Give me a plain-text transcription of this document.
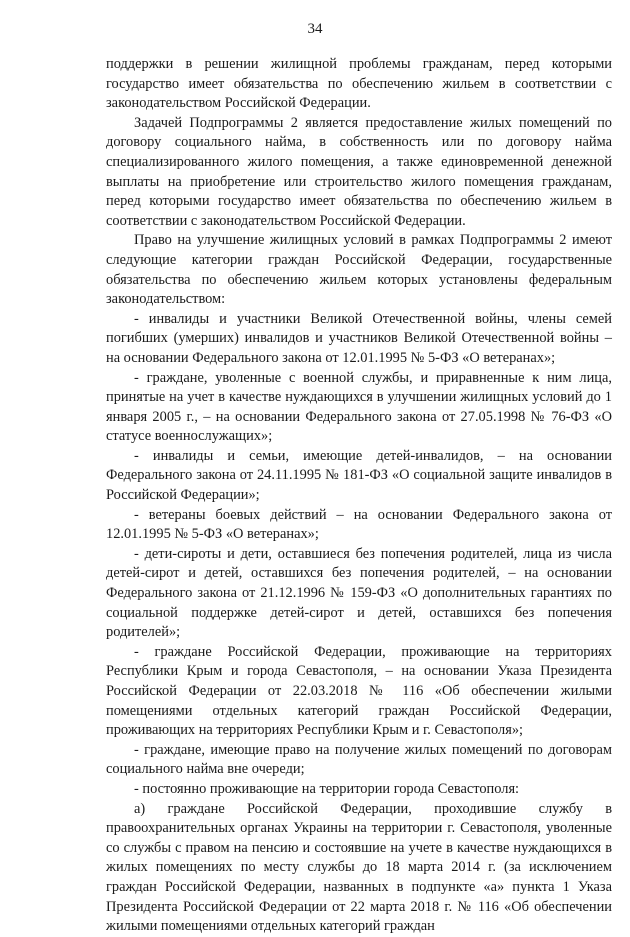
34

поддержки в решении жилищной проблемы гражданам, перед которыми государство имеет обязательства по обеспечению жильем в соответствии с законодательством Российской Федерации.

Задачей Подпрограммы 2 является предоставление жилых помещений по договору социального найма, в собственность или по договору найма специализированного жилого помещения, а также единовременной денежной выплаты на приобретение или строительство жилого помещения гражданам, перед которыми государство имеет обязательства по обеспечению жильем в соответствии с законодательством Российской Федерации.

Право на улучшение жилищных условий в рамках Подпрограммы 2 имеют следующие категории граждан Российской Федерации, государственные обязательства по обеспечению жильем которых установлены федеральным законодательством:

- инвалиды и участники Великой Отечественной войны, члены семей погибших (умерших) инвалидов и участников Великой Отечественной войны – на основании Федерального закона от 12.01.1995 № 5-ФЗ «О ветеранах»;

- граждане, уволенные с военной службы, и приравненные к ним лица, принятые на учет в качестве нуждающихся в улучшении жилищных условий до 1 января 2005 г., – на основании Федерального закона от 27.05.1998 № 76-ФЗ «О статусе военнослужащих»;

- инвалиды и семьи, имеющие детей-инвалидов, – на основании Федерального закона от 24.11.1995 № 181-ФЗ «О социальной защите инвалидов в Российской Федерации»;

- ветераны боевых действий – на основании Федерального закона от 12.01.1995 № 5-ФЗ «О ветеранах»;

- дети-сироты и дети, оставшиеся без попечения родителей, лица из числа детей-сирот и детей, оставшихся без попечения родителей, – на основании Федерального закона от 21.12.1996 № 159-ФЗ «О дополнительных гарантиях по социальной поддержке детей-сирот и детей, оставшихся без попечения родителей»;

- граждане Российской Федерации, проживающие на территориях Республики Крым и города Севастополя, – на основании Указа Президента Российской Федерации от 22.03.2018 № 116 «Об обеспечении жилыми помещениями отдельных категорий граждан Российской Федерации, проживающих на территориях Республики Крым и г. Севастополя»;

- граждане, имеющие право на получение жилых помещений по договорам социального найма вне очереди;

- постоянно проживающие на территории города Севастополя:

а) граждане Российской Федерации, проходившие службу в правоохранительных органах Украины на территории г. Севастополя, уволенные со службы с правом на пенсию и состоявшие на учете в качестве нуждающихся в жилых помещениях по месту службы до 18 марта 2014 г. (за исключением граждан Российской Федерации, названных в подпункте «а» пункта 1 Указа Президента Российской Федерации от 22 марта 2018 г. № 116 «Об обеспечении жилыми помещениями отдельных категорий граждан
